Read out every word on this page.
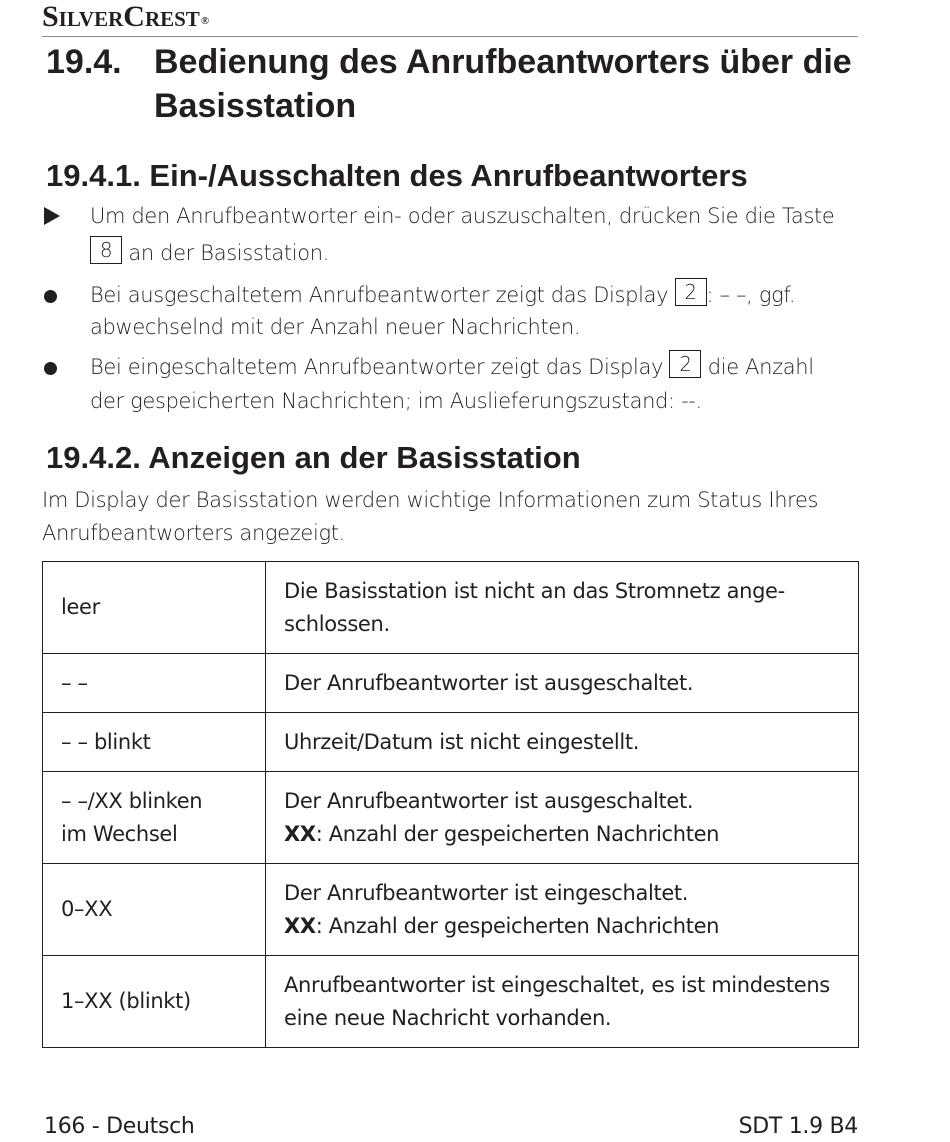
SilverCrest®
19.4. Bedienung des Anrufbeantworters über die Basisstation
19.4.1. Ein-/Ausschalten des Anrufbeantworters
Um den Anrufbeantworter ein- oder auszuschalten, drücken Sie die Taste
8 an der Basisstation.
Bei ausgeschaltetem Anrufbeantworter zeigt das Display 2 : – –, ggf.
abwechselnd mit der Anzahl neuer Nachrichten.
Bei eingeschaltetem Anrufbeantworter zeigt das Display 2 die Anzahl
der gespeicherten Nachrichten; im Auslieferungszustand: --.
19.4.2. Anzeigen an der Basisstation
Im Display der Basisstation werden wichtige Informationen zum Status Ihres
Anrufbeantworters angezeigt.
leer	Die Basisstation ist nicht an das Stromnetz ange-
schlossen.
– –	Der Anrufbeantworter ist ausgeschaltet.
– – blinkt	Uhrzeit/Datum ist nicht eingestellt.
– –/XX blinken
im Wechsel	Der Anrufbeantworter ist ausgeschaltet.
XX: Anzahl der gespeicherten Nachrichten
0–XX	Der Anrufbeantworter ist eingeschaltet.
XX: Anzahl der gespeicherten Nachrichten
1–XX (blinkt)	Anrufbeantworter ist eingeschaltet, es ist mindestens
eine neue Nachricht vorhanden.
166 - Deutsch	SDT 1.9 B4
